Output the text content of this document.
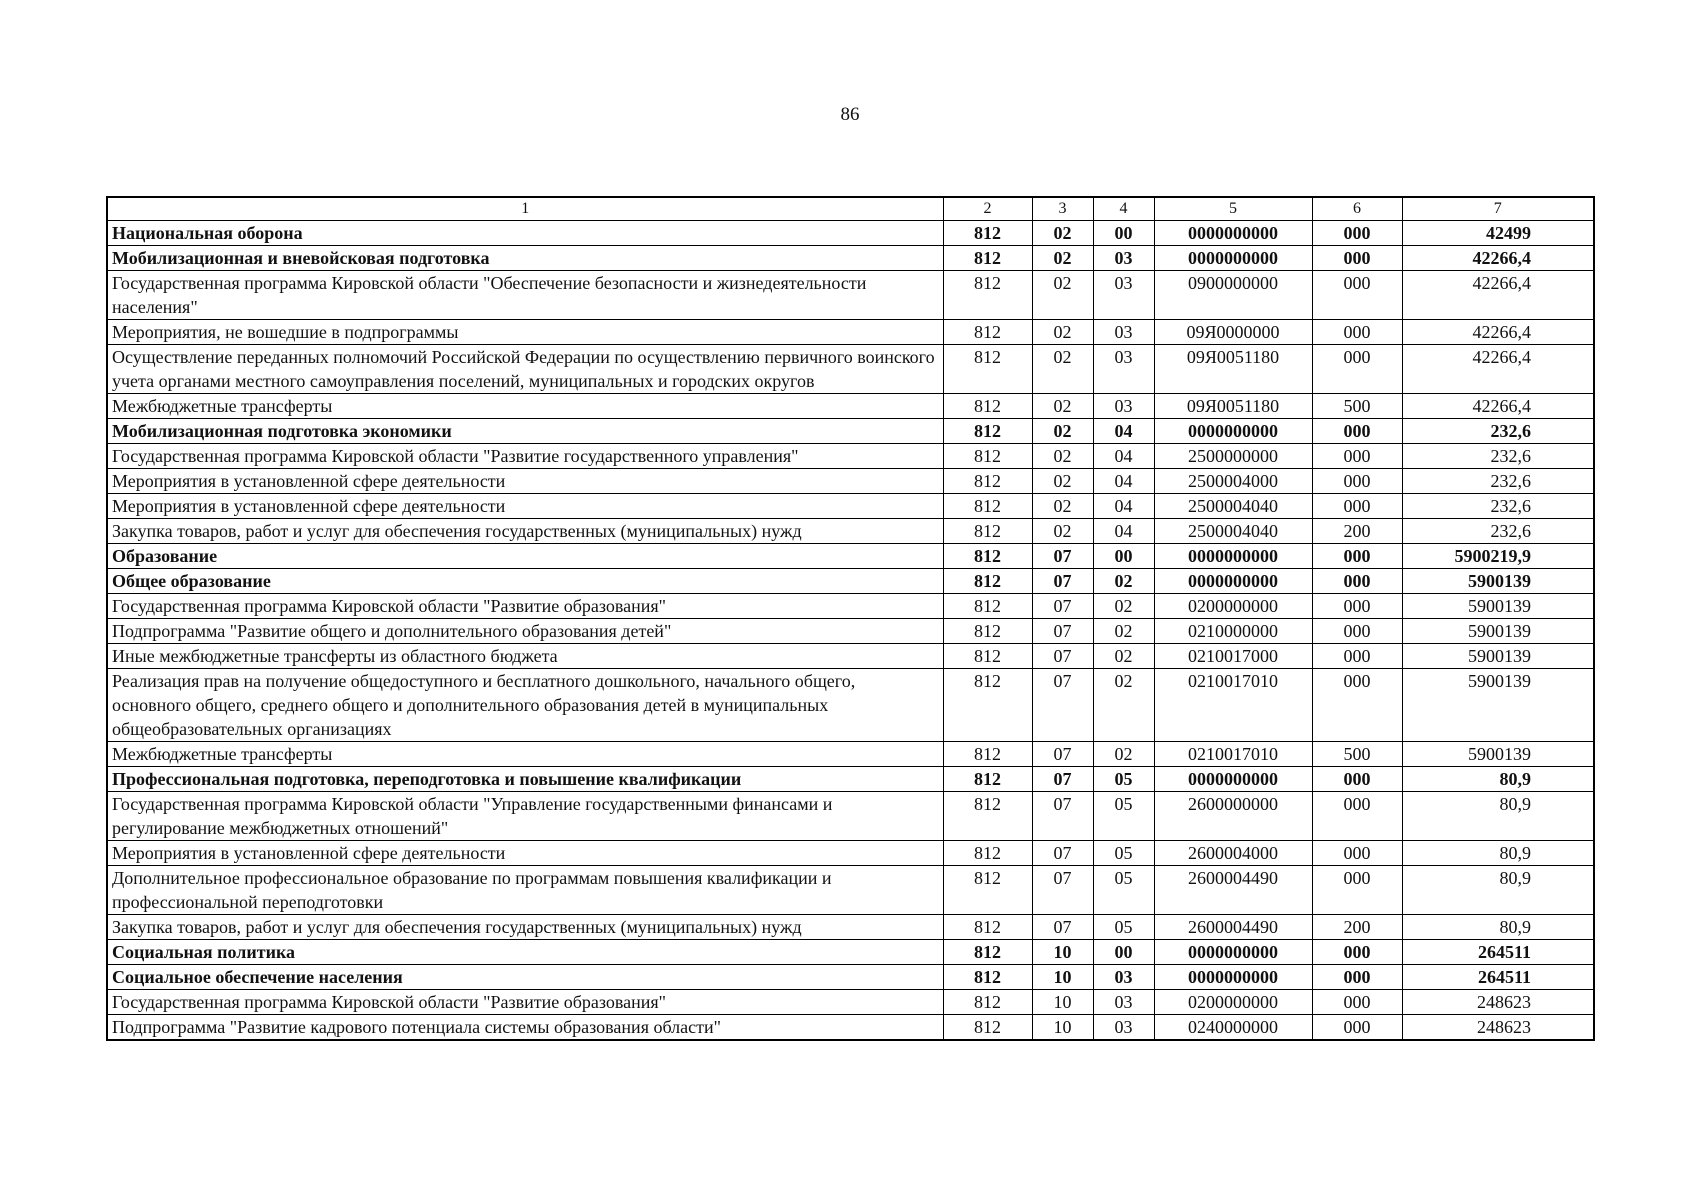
86
1	2	3	4	5	6	7
Национальная оборона	812	02	00	0000000000	000	42499
Мобилизационная и вневойсковая подготовка	812	02	03	0000000000	000	42266,4
Государственная программа Кировской области "Обеспечение безопасности и жизнедеятельности населения"	812	02	03	0900000000	000	42266,4
Мероприятия, не вошедшие в подпрограммы	812	02	03	09Я0000000	000	42266,4
Осуществление переданных полномочий Российской Федерации по осуществлению первичного воинского учета органами местного самоуправления поселений, муниципальных и городских округов	812	02	03	09Я0051180	000	42266,4
Межбюджетные трансферты	812	02	03	09Я0051180	500	42266,4
Мобилизационная подготовка экономики	812	02	04	0000000000	000	232,6
Государственная программа Кировской области "Развитие государственного управления"	812	02	04	2500000000	000	232,6
Мероприятия в установленной сфере деятельности	812	02	04	2500004000	000	232,6
Мероприятия в установленной сфере деятельности	812	02	04	2500004040	000	232,6
Закупка товаров, работ и услуг для обеспечения государственных (муниципальных) нужд	812	02	04	2500004040	200	232,6
Образование	812	07	00	0000000000	000	5900219,9
Общее образование	812	07	02	0000000000	000	5900139
Государственная программа Кировской области "Развитие образования"	812	07	02	0200000000	000	5900139
Подпрограмма "Развитие общего и дополнительного образования детей"	812	07	02	0210000000	000	5900139
Иные межбюджетные трансферты из областного бюджета	812	07	02	0210017000	000	5900139
Реализация прав на получение общедоступного и бесплатного дошкольного, начального общего, основного общего, среднего общего и дополнительного образования детей в муниципальных общеобразовательных организациях	812	07	02	0210017010	000	5900139
Межбюджетные трансферты	812	07	02	0210017010	500	5900139
Профессиональная подготовка, переподготовка и повышение квалификации	812	07	05	0000000000	000	80,9
Государственная программа Кировской области "Управление государственными финансами и регулирование межбюджетных отношений"	812	07	05	2600000000	000	80,9
Мероприятия в установленной сфере деятельности	812	07	05	2600004000	000	80,9
Дополнительное профессиональное образование по программам повышения квалификации и профессиональной переподготовки	812	07	05	2600004490	000	80,9
Закупка товаров, работ и услуг для обеспечения государственных (муниципальных) нужд	812	07	05	2600004490	200	80,9
Социальная политика	812	10	00	0000000000	000	264511
Социальное обеспечение населения	812	10	03	0000000000	000	264511
Государственная программа Кировской области "Развитие образования"	812	10	03	0200000000	000	248623
Подпрограмма "Развитие кадрового потенциала системы образования области"	812	10	03	0240000000	000	248623
